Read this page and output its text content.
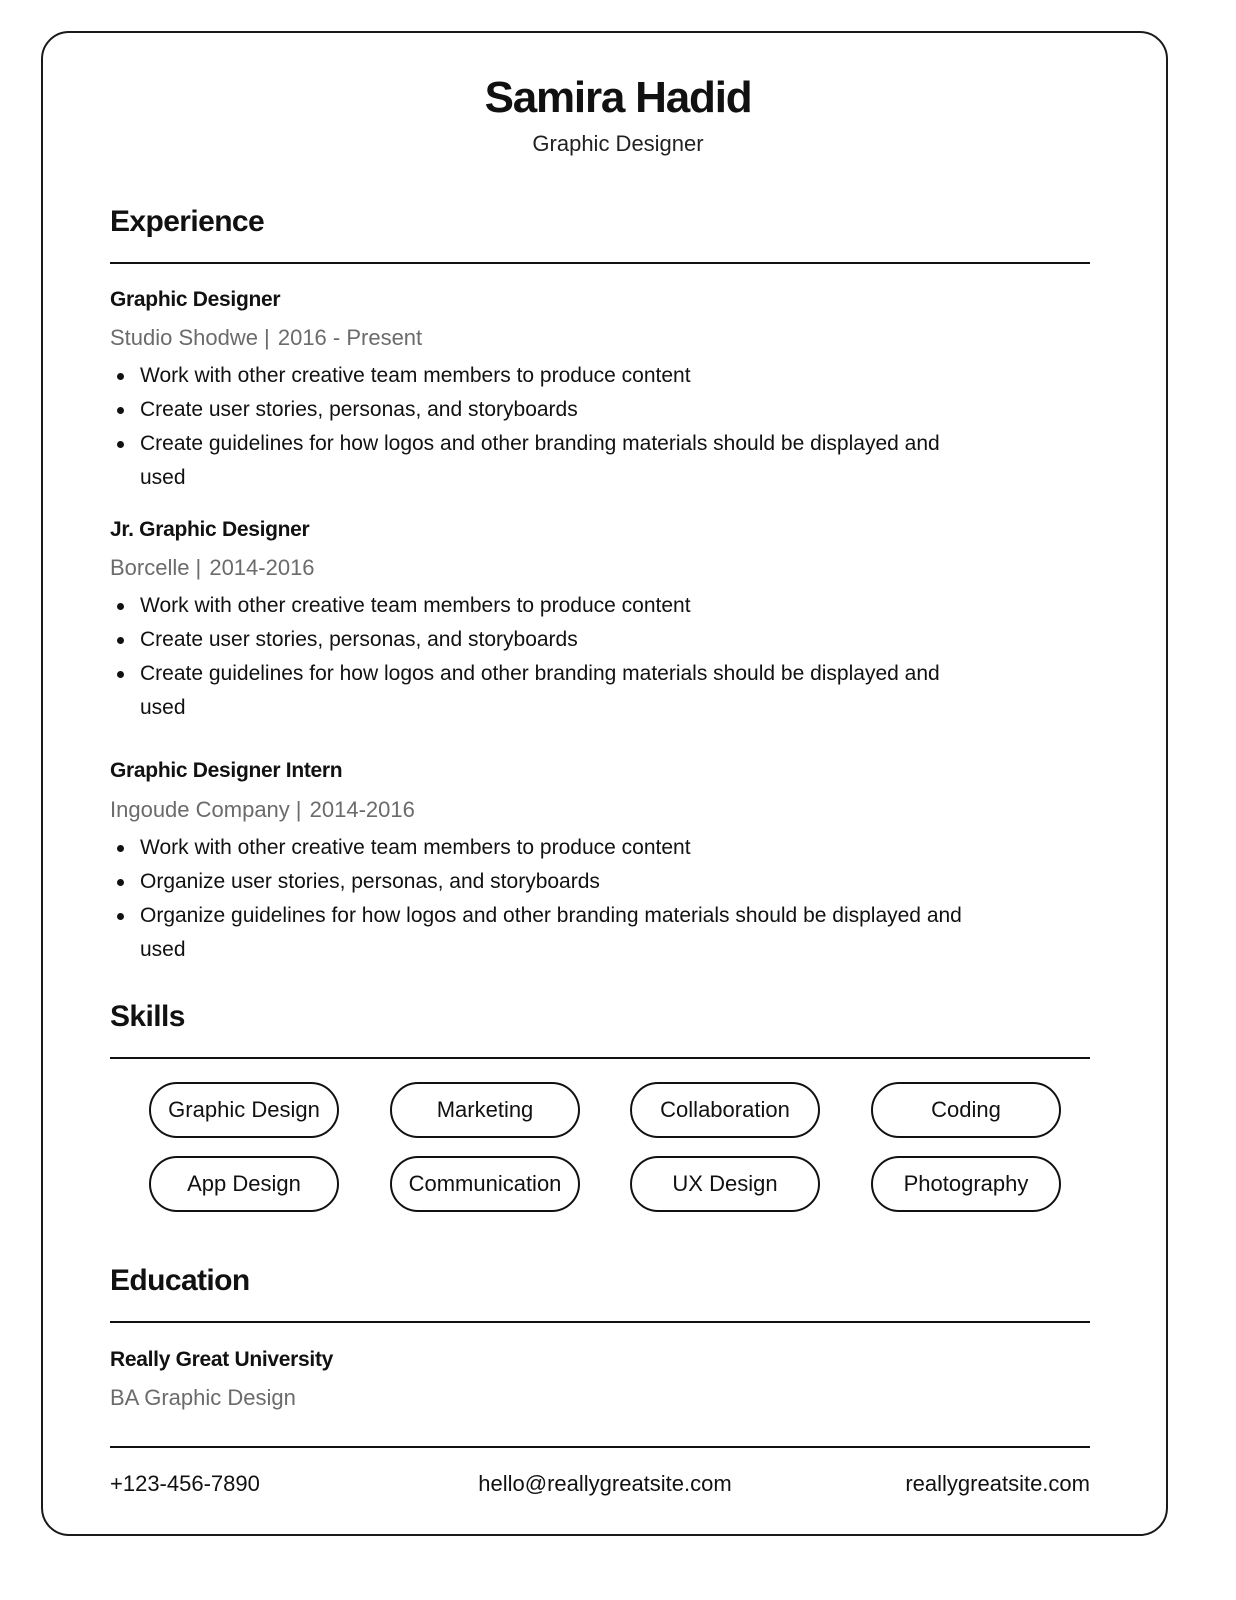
Samira Hadid

Graphic Designer

Experience
Graphic Designer

Studio Shodwe | 2016 - Present

Work with other creative team members to produce content
Create user stories, personas, and storyboards
Create guidelines for how logos and other branding materials should be displayed and used
Jr. Graphic Designer

Borcelle | 2014-2016

Work with other creative team members to produce content
Create user stories, personas, and storyboards
Create guidelines for how logos and other branding materials should be displayed and used
Graphic Designer Intern

Ingoude Company | 2014-2016

Work with other creative team members to produce content
Organize user stories, personas, and storyboards
Organize guidelines for how logos and other branding materials should be displayed and used
Skills
Graphic Design	Marketing	Collaboration	Coding
App Design	Communication	UX Design	Photography
Education
Really Great University

BA Graphic Design

+123-456-7890	hello@reallygreatsite.com	reallygreatsite.com
